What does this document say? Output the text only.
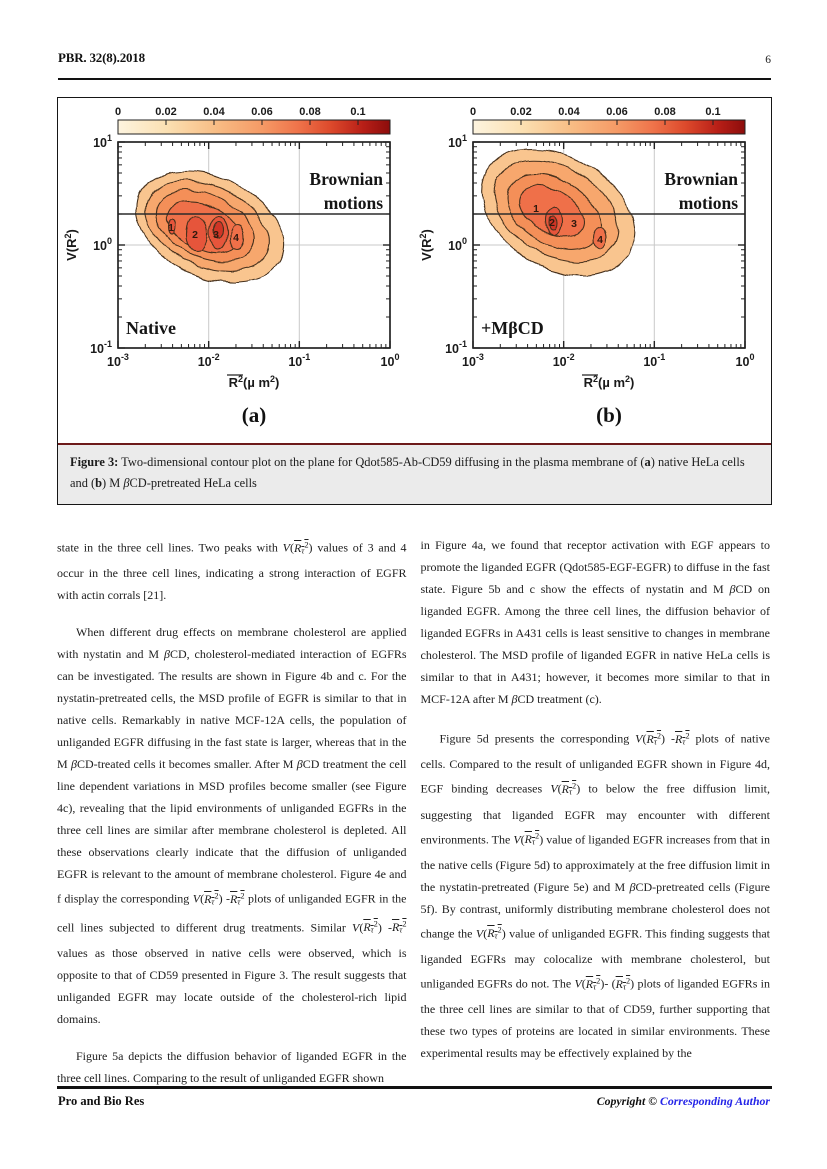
PBR. 32(8).2018	6
0	0.02 0.04 0.06 0.08	0.1
1
2 3 4
Brownian
motions
Native
$10^1$
$10^0$
$10^{-1}$
$10^{-3}$	$10^{-2}$	$10^{-1}$	$10^0$
$R^2(\mu$ $m^2$)
$V(R^2)$
(a)
0	0.02 0.04 0.06 0.08	0.1
1
2 3
4
Brownian
motions
+MβCD
$10^1$
$10^0$
$10^{-1}$
$10^{-3}$	$10^{-2}$	$10^{-1}$	$10^0$
$R^2(\mu$ $m^2$)
$V(R^2)$
(b)
Figure 3: Two-dimensional contour plot on the plane for Qdot585-Ab-CD59 diffusing in the plasma membrane of (a) native HeLa cells and (b) M βCD-pretreated HeLa cells

state in the three cell lines. Two peaks with $V(R_\tau^2)$ values of 3 and 4 occur in the three cell lines, indicating a strong interaction of EGFR with actin corrals [21].

When different drug effects on membrane cholesterol are applied with nystatin and M βCD, cholesterol-mediated interaction of EGFRs can be investigated. The results are shown in Figure 4b and c. For the nystatin-pretreated cells, the MSD profile of EGFR is similar to that in native cells. Remarkably in native MCF-12A cells, the population of unliganded EGFR diffusing in the fast state is larger, whereas that in the M βCD-treated cells it becomes smaller. After M βCD treatment the cell line dependent variations in MSD profiles become smaller (see Figure 4c), revealing that the lipid environments of unliganded EGFRs in the three cell lines are similar after membrane cholesterol is depleted. All these observations clearly indicate that the diffusion of unliganded EGFR is relevant to the amount of membrane cholesterol. Figure 4e and f display the corresponding $V(R_\tau^2)$ $-R_\tau^2$ plots of unliganded EGFR in the cell lines subjected to different drug treatments. Similar $V(R_\tau^2)$ $-R_\tau^2$ values as those observed in native cells were observed, which is opposite to that of CD59 presented in Figure 3. The result suggests that unliganded EGFR may locate outside of the cholesterol-rich lipid domains.

Figure 5a depicts the diffusion behavior of liganded EGFR in the three cell lines. Comparing to the result of unliganded EGFR shown

in Figure 4a, we found that receptor activation with EGF appears to promote the liganded EGFR (Qdot585-EGF-EGFR) to diffuse in the fast state. Figure 5b and c show the effects of nystatin and M βCD on liganded EGFR. Among the three cell lines, the diffusion behavior of liganded EGFRs in A431 cells is least sensitive to changes in membrane cholesterol. The MSD profile of liganded EGFR in native HeLa cells is similar to that in A431; however, it becomes more similar to that in MCF-12A after M βCD treatment (c).

Figure 5d presents the corresponding $V(R_\tau^2)$ $-R_\tau^2$ plots of native cells. Compared to the result of unliganded EGFR shown in Figure 4d, EGF binding decreases $V(R_\tau^2)$ to below the free diffusion limit, suggesting that liganded EGFR may encounter with different environments. The $V(R_\tau^2)$ value of liganded EGFR increases from that in the native cells (Figure 5d) to approximately at the free diffusion limit in the nystatin-pretreated (Figure 5e) and M βCD-pretreated cells (Figure 5f). By contrast, uniformly distributing membrane cholesterol does not change the $V(R_\tau^2)$ value of unliganded EGFR. This finding suggests that liganded EGFRs may colocalize with membrane cholesterol, but unliganded EGFRs do not. The $V(R_\tau^2)-$ $(R_\tau^2)$ plots of liganded EGFRs in the three cell lines are similar to that of CD59, further supporting that these two types of proteins are located in similar environments. These experimental results may be effectively explained by the

Pro and Bio Res	Copyright © Corresponding Author
